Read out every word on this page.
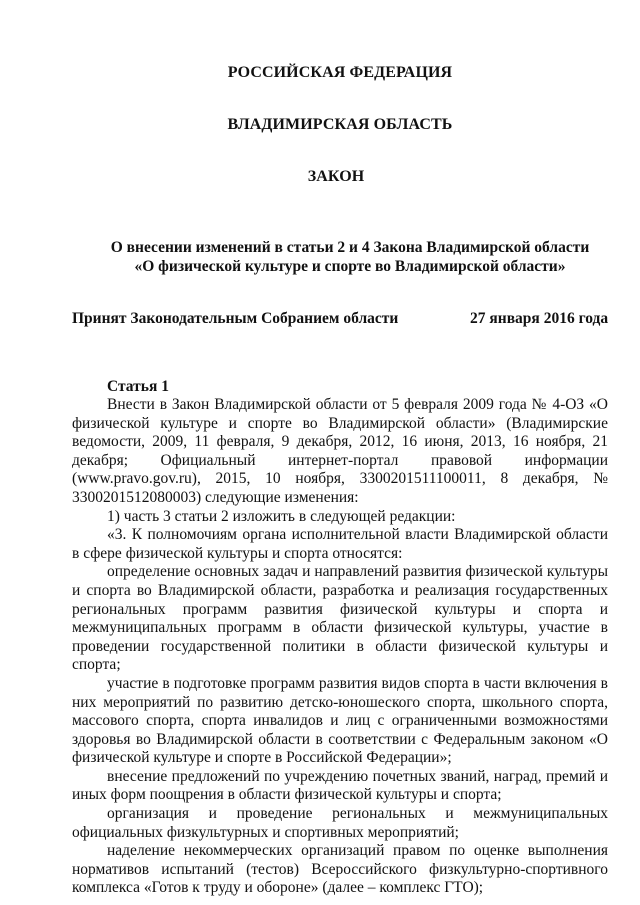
РОССИЙСКАЯ ФЕДЕРАЦИЯ
ВЛАДИМИРСКАЯ ОБЛАСТЬ
ЗАКОН
О внесении изменений в статьи 2 и 4 Закона Владимирской области
«О физической культуре и спорте во Владимирской области»
Принят Законодательным Собранием области	27 января 2016 года
Статья 1

Внести в Закон Владимирской области от 5 февраля 2009 года № 4-ОЗ «О физической культуре и спорте во Владимирской области» (Владимирские ведомости, 2009, 11 февраля, 9 декабря, 2012, 16 июня, 2013, 16 ноября, 21 декабря; Официальный интернет-портал правовой информации (www.pravo.gov.ru), 2015, 10 ноября, 3300201511100011, 8 декабря, № 3300201512080003) следующие изменения:

1) часть 3 статьи 2 изложить в следующей редакции:

«3. К полномочиям органа исполнительной власти Владимирской области в сфере физической культуры и спорта относятся:

определение основных задач и направлений развития физической культуры и спорта во Владимирской области, разработка и реализация государственных региональных программ развития физической культуры и спорта и межмуниципальных программ в области физической культуры, участие в проведении государственной политики в области физической культуры и спорта;

участие в подготовке программ развития видов спорта в части включения в них мероприятий по развитию детско-юношеского спорта, школьного спорта, массового спорта, спорта инвалидов и лиц с ограниченными возможностями здоровья во Владимирской области в соответствии с Федеральным законом «О физической культуре и спорте в Российской Федерации»;

внесение предложений по учреждению почетных званий, наград, премий и иных форм поощрения в области физической культуры и спорта;

организация и проведение региональных и межмуниципальных официальных физкультурных и спортивных мероприятий;

наделение некоммерческих организаций правом по оценке выполнения нормативов испытаний (тестов) Всероссийского физкультурно-спортивного комплекса «Готов к труду и обороне» (далее – комплекс ГТО);
